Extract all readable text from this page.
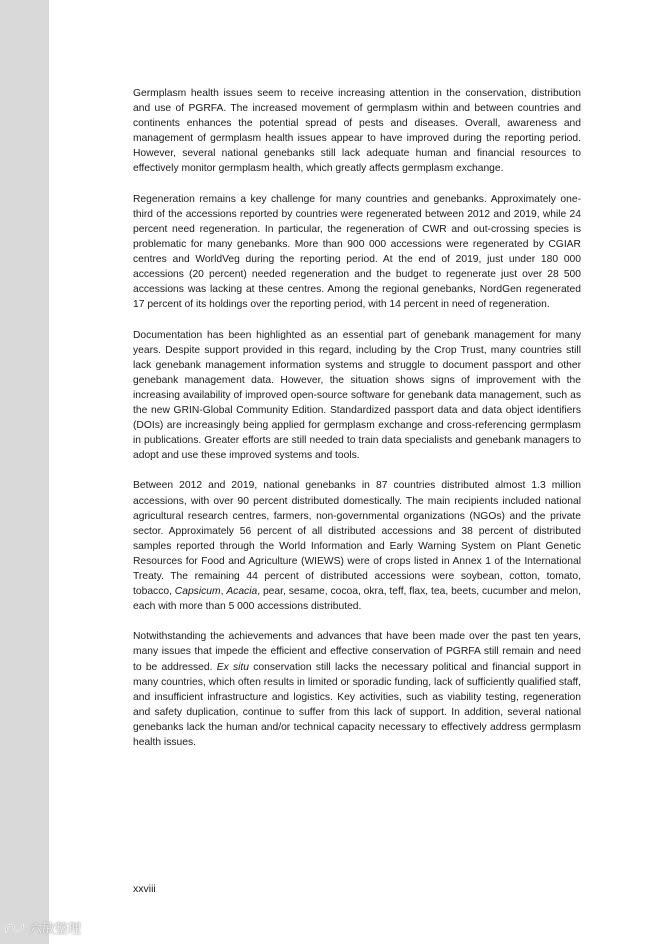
Germplasm health issues seem to receive increasing attention in the conservation, distribution and use of PGRFA. The increased movement of germplasm within and between countries and continents enhances the potential spread of pests and diseases. Overall, awareness and management of germplasm health issues appear to have improved during the reporting period. However, several national genebanks still lack adequate human and financial resources to effectively monitor germplasm health, which greatly affects germplasm exchange.

Regeneration remains a key challenge for many countries and genebanks. Approximately one-third of the accessions reported by countries were regenerated between 2012 and 2019, while 24 percent need regeneration. In particular, the regeneration of CWR and out-crossing species is problematic for many genebanks. More than 900 000 accessions were regenerated by CGIAR centres and WorldVeg during the reporting period. At the end of 2019, just under 180 000 accessions (20 percent) needed regeneration and the budget to regenerate just over 28 500 accessions was lacking at these centres. Among the regional genebanks, NordGen regenerated 17 percent of its holdings over the reporting period, with 14 percent in need of regeneration.

Documentation has been highlighted as an essential part of genebank management for many years. Despite support provided in this regard, including by the Crop Trust, many countries still lack genebank management information systems and struggle to document passport and other genebank management data. However, the situation shows signs of improvement with the increasing availability of improved open-source software for genebank data management, such as the new GRIN-Global Community Edition. Standardized passport data and data object identifiers (DOIs) are increasingly being applied for germplasm exchange and cross-referencing germplasm in publications. Greater efforts are still needed to train data specialists and genebank managers to adopt and use these improved systems and tools.

Between 2012 and 2019, national genebanks in 87 countries distributed almost 1.3 million accessions, with over 90 percent distributed domestically. The main recipients included national agricultural research centres, farmers, non-governmental organizations (NGOs) and the private sector. Approximately 56 percent of all distributed accessions and 38 percent of distributed samples reported through the World Information and Early Warning System on Plant Genetic Resources for Food and Agriculture (WIEWS) were of crops listed in Annex 1 of the International Treaty. The remaining 44 percent of distributed accessions were soybean, cotton, tomato, tobacco, Capsicum, Acacia, pear, sesame, cocoa, okra, teff, flax, tea, beets, cucumber and melon, each with more than 5 000 accessions distributed.

Notwithstanding the achievements and advances that have been made over the past ten years, many issues that impede the efficient and effective conservation of PGRFA still remain and need to be addressed. Ex situ conservation still lacks the necessary political and financial support in many countries, which often results in limited or sporadic funding, lack of sufficiently qualified staff, and insufficient infrastructure and logistics. Key activities, such as viability testing, regeneration and safety duplication, continue to suffer from this lack of support. In addition, several national genebanks lack the human and/or technical capacity necessary to effectively address germplasm health issues.

xxviii
六敏整理
